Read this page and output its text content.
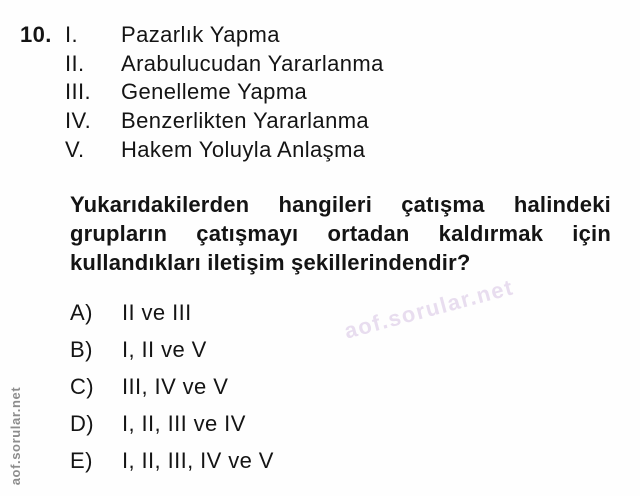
10. I.	Pazarlık Yapma
II.	Arabulucudan Yararlanma
III.	Genelleme Yapma
IV.	Benzerlikten Yararlanma
V.	Hakem Yoluyla Anlaşma
Yukarıdakilerden hangileri çatışma halindeki
grupların çatışmayı ortadan kaldırmak için
kullandıkları iletişim şekillerindendir?
A)	II ve III
B)	I, II ve V
C)	III, IV ve V
D)	I, II, III ve IV
E)	I, II, III, IV ve V
aof.sorular.net
aof.sorular.net
